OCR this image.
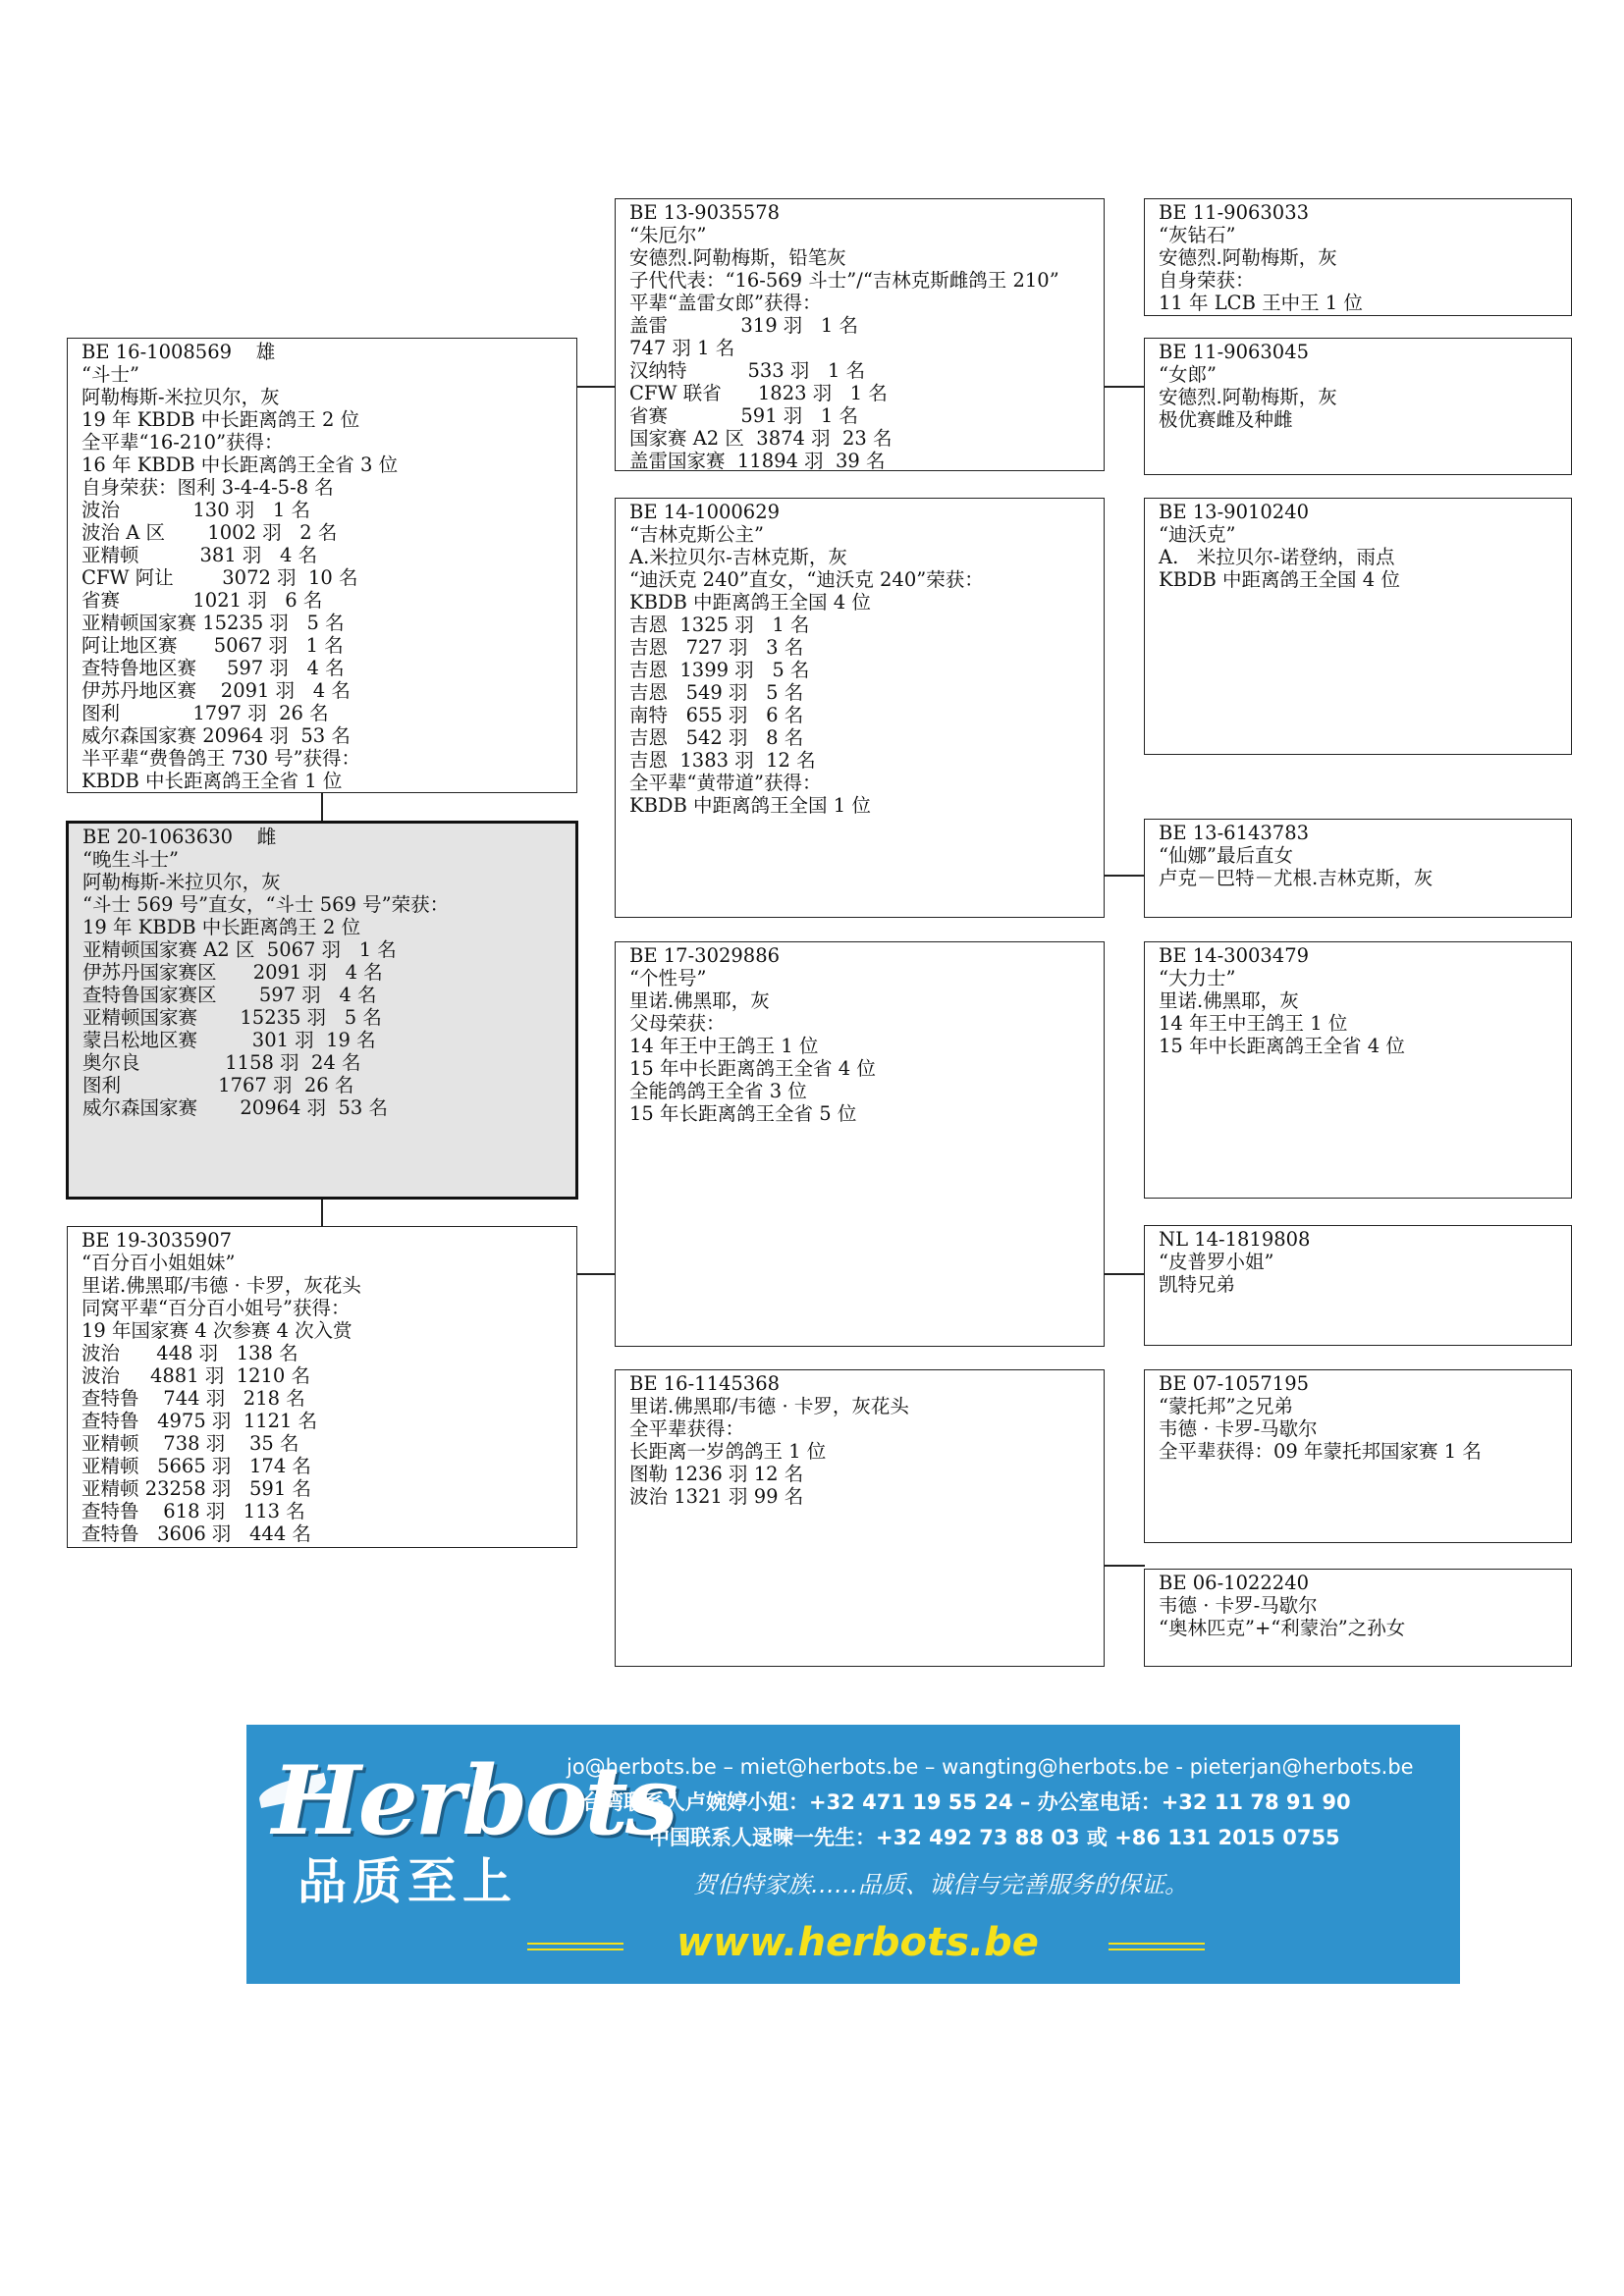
BE 16-1008569    雄
“斗士”
阿勒梅斯-米拉贝尔，灰
19 年 KBDB 中长距离鸽王 2 位
全平辈“16-210”获得：
16 年 KBDB 中长距离鸽王全省 3 位
自身荣获：图利 3-4-4-5-8 名
波治            130 羽   1 名
波治 A 区       1002 羽   2 名
亚精顿          381 羽   4 名
CFW 阿让        3072 羽  10 名
省赛            1021 羽   6 名
亚精顿国家赛 15235 羽   5 名
阿让地区赛      5067 羽   1 名
查特鲁地区赛     597 羽   4 名
伊苏丹地区赛    2091 羽   4 名
图利            1797 羽  26 名
威尔森国家赛 20964 羽  53 名
半平辈“费鲁鸽王 730 号”获得：
KBDB 中长距离鸽王全省 1 位
BE 20-1063630    雌
“晚生斗士”
阿勒梅斯-米拉贝尔，灰
“斗士 569 号”直女，“斗士 569 号”荣获：
19 年 KBDB 中长距离鸽王 2 位
亚精顿国家赛 A2 区  5067 羽   1 名
伊苏丹国家赛区      2091 羽   4 名
查特鲁国家赛区       597 羽   4 名
亚精顿国家赛       15235 羽   5 名
蒙吕松地区赛         301 羽  19 名
奥尔良              1158 羽  24 名
图利                1767 羽  26 名
威尔森国家赛       20964 羽  53 名
BE 19-3035907
“百分百小姐姐妹”
里诺.佛黑耶/韦德 · 卡罗，灰花头
同窝平辈“百分百小姐号”获得：
19 年国家赛 4 次参赛 4 次入赏
波治      448 羽   138 名
波治     4881 羽  1210 名
查特鲁    744 羽   218 名
查特鲁   4975 羽  1121 名
亚精顿    738 羽    35 名
亚精顿   5665 羽   174 名
亚精顿 23258 羽   591 名
查特鲁    618 羽   113 名
查特鲁   3606 羽   444 名
BE 13-9035578
“朱厄尔”
安德烈.阿勒梅斯，铅笔灰
子代代表：“16-569 斗士”/“吉林克斯雌鸽王 210”
平辈“盖雷女郎”获得：
盖雷            319 羽   1 名
747 羽 1 名
汉纳特          533 羽   1 名
CFW 联省      1823 羽   1 名
省赛            591 羽   1 名
国家赛 A2 区  3874 羽  23 名
盖雷国家赛  11894 羽  39 名
BE 14-1000629
“吉林克斯公主”
A.米拉贝尔-吉林克斯，灰
“迪沃克 240”直女，“迪沃克 240”荣获：
KBDB 中距离鸽王全国 4 位
吉恩  1325 羽   1 名
吉恩   727 羽   3 名
吉恩  1399 羽   5 名
吉恩   549 羽   5 名
南特   655 羽   6 名
吉恩   542 羽   8 名
吉恩  1383 羽  12 名
全平辈“黄带道”获得：
KBDB 中距离鸽王全国 1 位
BE 17-3029886
“个性号”
里诺.佛黑耶，灰
父母荣获：
14 年王中王鸽王 1 位
15 年中长距离鸽王全省 4 位
全能鸽鸽王全省 3 位
15 年长距离鸽王全省 5 位
BE 16-1145368
里诺.佛黑耶/韦德 · 卡罗，灰花头
全平辈获得：
长距离一岁鸽鸽王 1 位
图勒 1236 羽 12 名
波治 1321 羽 99 名
BE 11-9063033
“灰钻石”
安德烈.阿勒梅斯，灰
自身荣获：
11 年 LCB 王中王 1 位
BE 11-9063045
“女郎”
安德烈.阿勒梅斯，灰
极优赛雌及种雌
BE 13-9010240
“迪沃克”
A.   米拉贝尔-诺登纳，雨点
KBDB 中距离鸽王全国 4 位
BE 13-6143783
“仙娜”最后直女
卢克－巴特－尤根.吉林克斯，灰
BE 14-3003479
“大力士”
里诺.佛黑耶，灰
14 年王中王鸽王 1 位
15 年中长距离鸽王全省 4 位
NL 14-1819808
“皮普罗小姐”
凯特兄弟
BE 07-1057195
“蒙托邦”之兄弟
韦德 · 卡罗-马歇尔
全平辈获得：09 年蒙托邦国家赛 1 名
BE 06-1022240
韦德 · 卡罗-马歇尔
“奥林匹克”+“利蒙治”之孙女
Herbots
品质至上
jo@herbots.be – miet@herbots.be – wangting@herbots.be - pieterjan@herbots.be
台湾联系人卢婉婷小姐：+32 471 19 55 24 – 办公室电话：+32 11 78 91 90
中国联系人逯暕一先生：+32 492 73 88 03 或 +86 131 2015 0755
贺伯特家族……品质、诚信与完善服务的保证。
www.herbots.be
